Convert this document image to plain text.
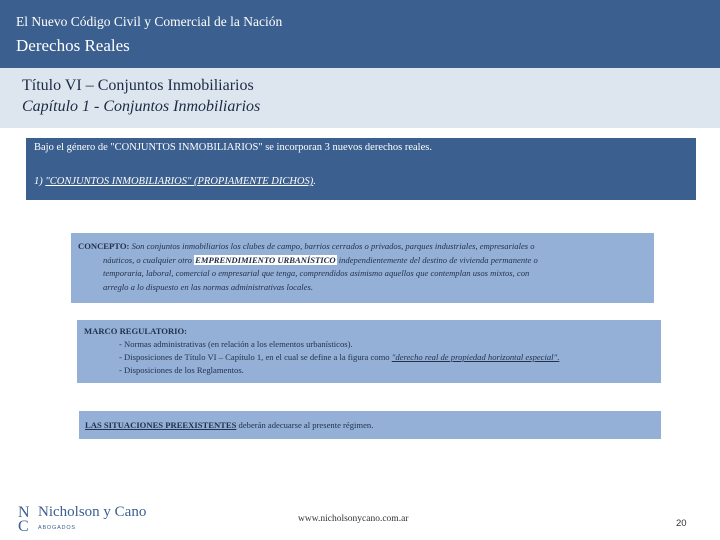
El Nuevo Código Civil y Comercial de la Nación
Derechos Reales
Título VI – Conjuntos Inmobiliarios
Capítulo 1 - Conjuntos Inmobiliarios
Bajo el género de "CONJUNTOS INMOBILIARIOS" se incorporan 3 nuevos derechos reales.
1) "CONJUNTOS INMOBILIARIOS" (PROPIAMENTE DICHOS).
CONCEPTO: Son conjuntos inmobiliarios los clubes de campo, barrios cerrados o privados, parques industriales, empresariales o
náuticos, o cualquier otro EMPRENDIMIENTO URBANÍSTICO independientemente del destino de vivienda permanente o
temporaria, laboral, comercial o empresarial que tenga, comprendidos asimismo aquellos que contemplan usos mixtos, con
arreglo a lo dispuesto en las normas administrativas locales.
MARCO REGULATORIO:
- Normas administrativas (en relación a los elementos urbanísticos).
- Disposiciones de Título VI – Capítulo 1, en el cual se define a la figura como "derecho real de propiedad horizontal especial".
- Disposiciones de los Reglamentos.
LAS SITUACIONES PREEXISTENTES deberán adecuarse al presente régimen.
N
C
Nicholson y Cano
ABOGADOS
www.nicholsonycano.com.ar	20
